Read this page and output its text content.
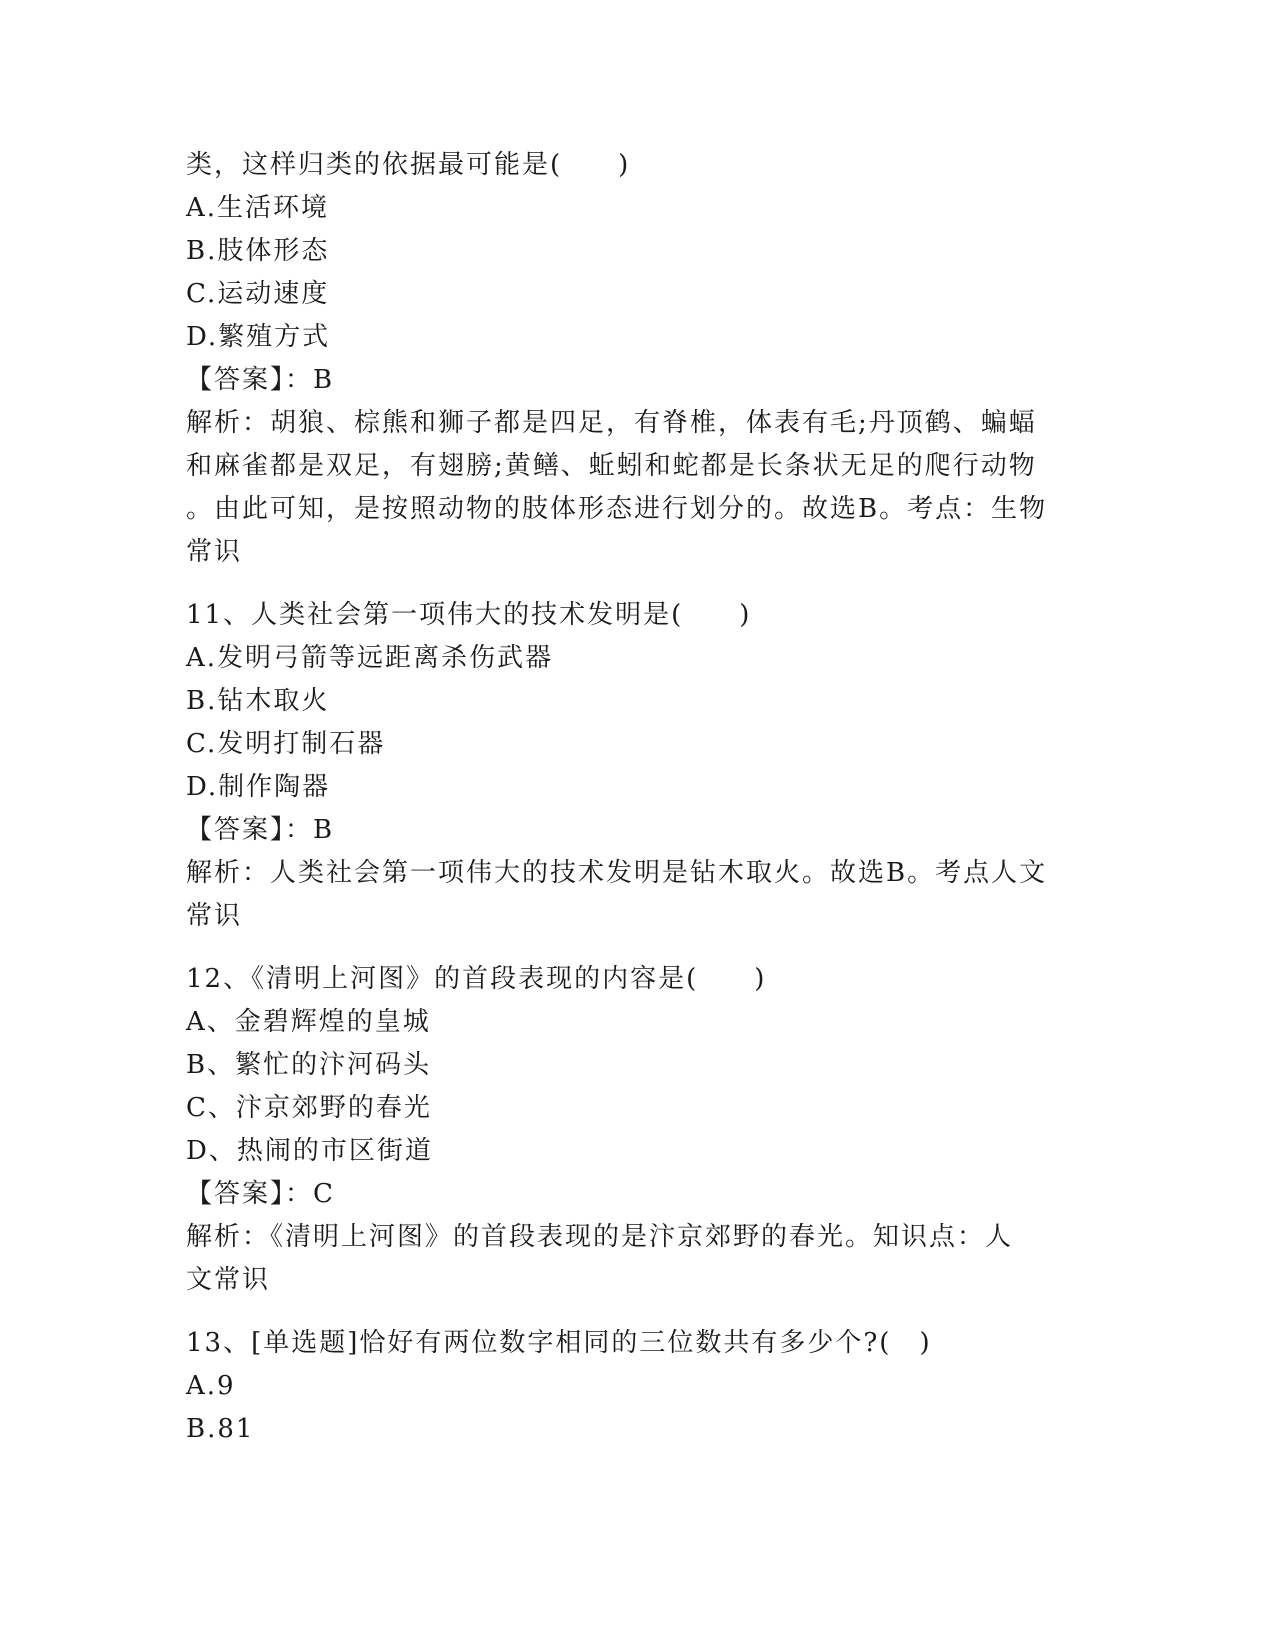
类，这样归类的依据最可能是(　　)
A.生活环境
B.肢体形态
C.运动速度
D.繁殖方式
【答案】：B
解析：胡狼、棕熊和狮子都是四足，有脊椎，体表有毛;丹顶鹤、蝙蝠
和麻雀都是双足，有翅膀;黄鳝、蚯蚓和蛇都是长条状无足的爬行动物
。由此可知，是按照动物的肢体形态进行划分的。故选B。考点：生物
常识
11、人类社会第一项伟大的技术发明是(　　)
A.发明弓箭等远距离杀伤武器
B.钻木取火
C.发明打制石器
D.制作陶器
【答案】：B
解析：人类社会第一项伟大的技术发明是钻木取火。故选B。考点人文
常识
12、《清明上河图》的首段表现的内容是(　　)
A、金碧辉煌的皇城
B、繁忙的汴河码头
C、汴京郊野的春光
D、热闹的市区街道
【答案】：C
解析：《清明上河图》的首段表现的是汴京郊野的春光。知识点：人
文常识
13、[单选题]恰好有两位数字相同的三位数共有多少个?(　)
A.9
B.81
